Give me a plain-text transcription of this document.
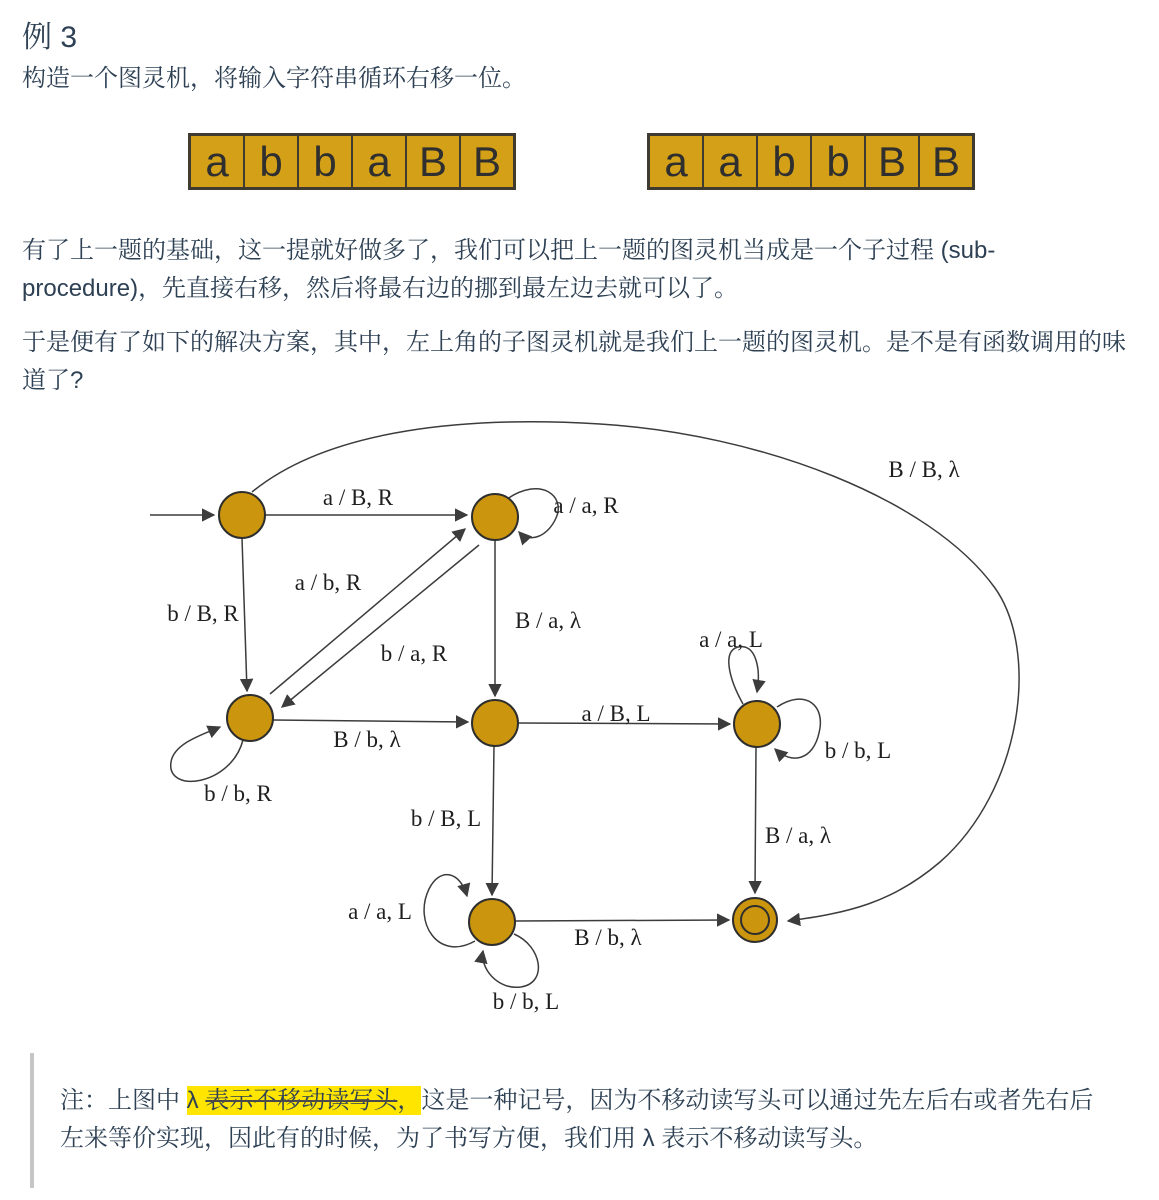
例 3
构造一个图灵机，将输入字符串循环右移一位。
a b b a B B	a a b b B B
有了上一题的基础，这一提就好做多了，我们可以把上一题的图灵机当成是一个子过程 (sub-procedure)，先直接右移，然后将最右边的挪到最左边去就可以了。
于是便有了如下的解决方案，其中，左上角的子图灵机就是我们上一题的图灵机。是不是有函数调用的味道了?
a / B, R	a / a, R
b / B, R
a / b, R
b / a, R
B / a, λ
b / b, R
B / b, λ
a / B, L
a / a, L
b / b, L
b / B, L
B / a, λ
a / a, L
b / b, L
B / b, λ
B / B, λ
注：上图中 λ 表示不移动读写头，这是一种记号，因为不移动读写头可以通过先左后右或者先右后左来等价实现，因此有的时候，为了书写方便，我们用 λ 表示不移动读写头。
